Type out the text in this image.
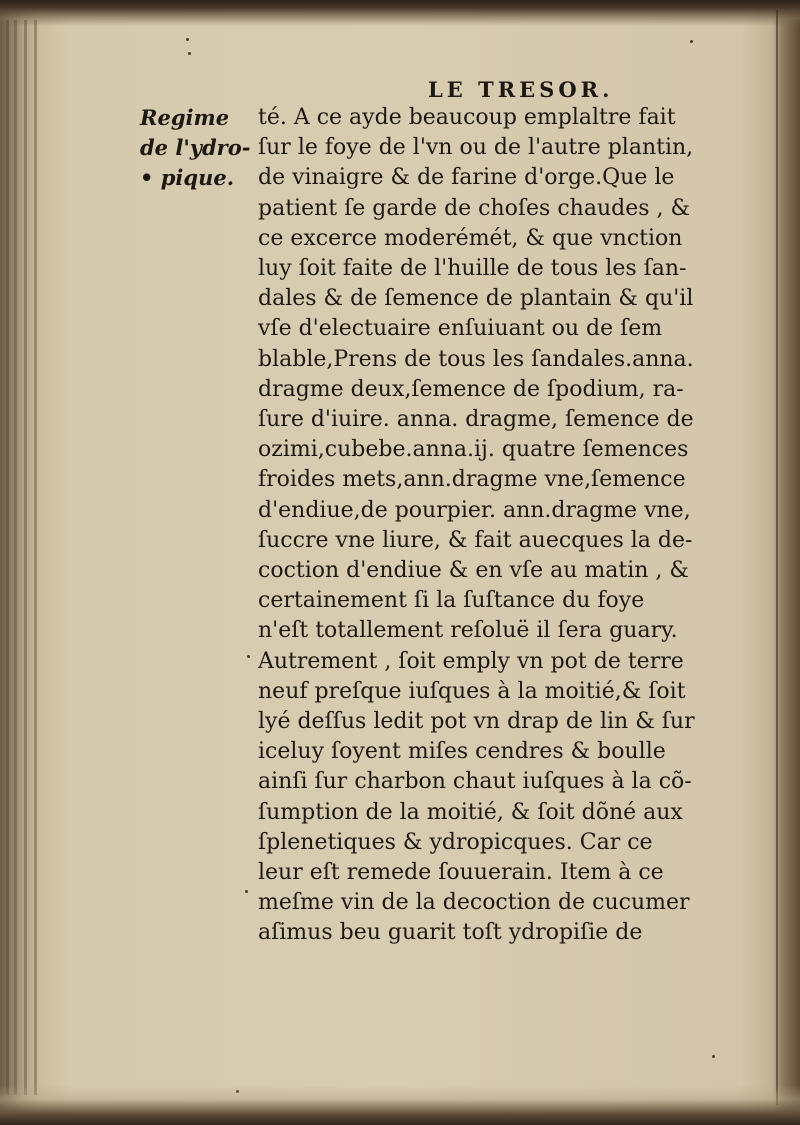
LE TRESOR.
Regime
de l'ydro-
• pique.
té. A ce ayde beaucoup emplaltre fait
ſur le foye de l'vn ou de l'autre plantin,
de vinaigre & de farine d'orge.Que le
patient ſe garde de choſes chaudes , &
ce excerce moderémét, & que vnction
luy ſoit faite de l'huille de tous les ſan-
dales & de ſemence de plantain & qu'il
vſe d'electuaire enſuiuant ou de ſem
blable,Prens de tous les ſandales.anna.
dragme deux,ſemence de ſpodium, ra-
ſure d'iuire. anna. dragme, ſemence de
ozimi,cubebe.anna.ij. quatre ſemences
froides mets,ann.dragme vne,ſemence
d'endiue,de pourpier. ann.dragme vne,
ſuccre vne liure, & fait auecques la de-
coction d'endiue & en vſe au matin , &
certainement ſi la ſuſtance du foye
n'eſt totallement reſoluë il ſera guary.
Autrement , ſoit emply vn pot de terre
neuf preſque iuſques à la moitié,& ſoit
lyé deſſus ledit pot vn drap de lin & ſur
iceluy ſoyent miſes cendres & boulle
ainſi ſur charbon chaut iuſques à la cõ-
ſumption de la moitié, & ſoit dõné aux
ſplenetiques & ydropicques. Car ce
leur eſt remede ſouuerain. Item à ce
meſme vin de la decoction de cucumer
aſimus beu guarit toſt ydropiſie de
